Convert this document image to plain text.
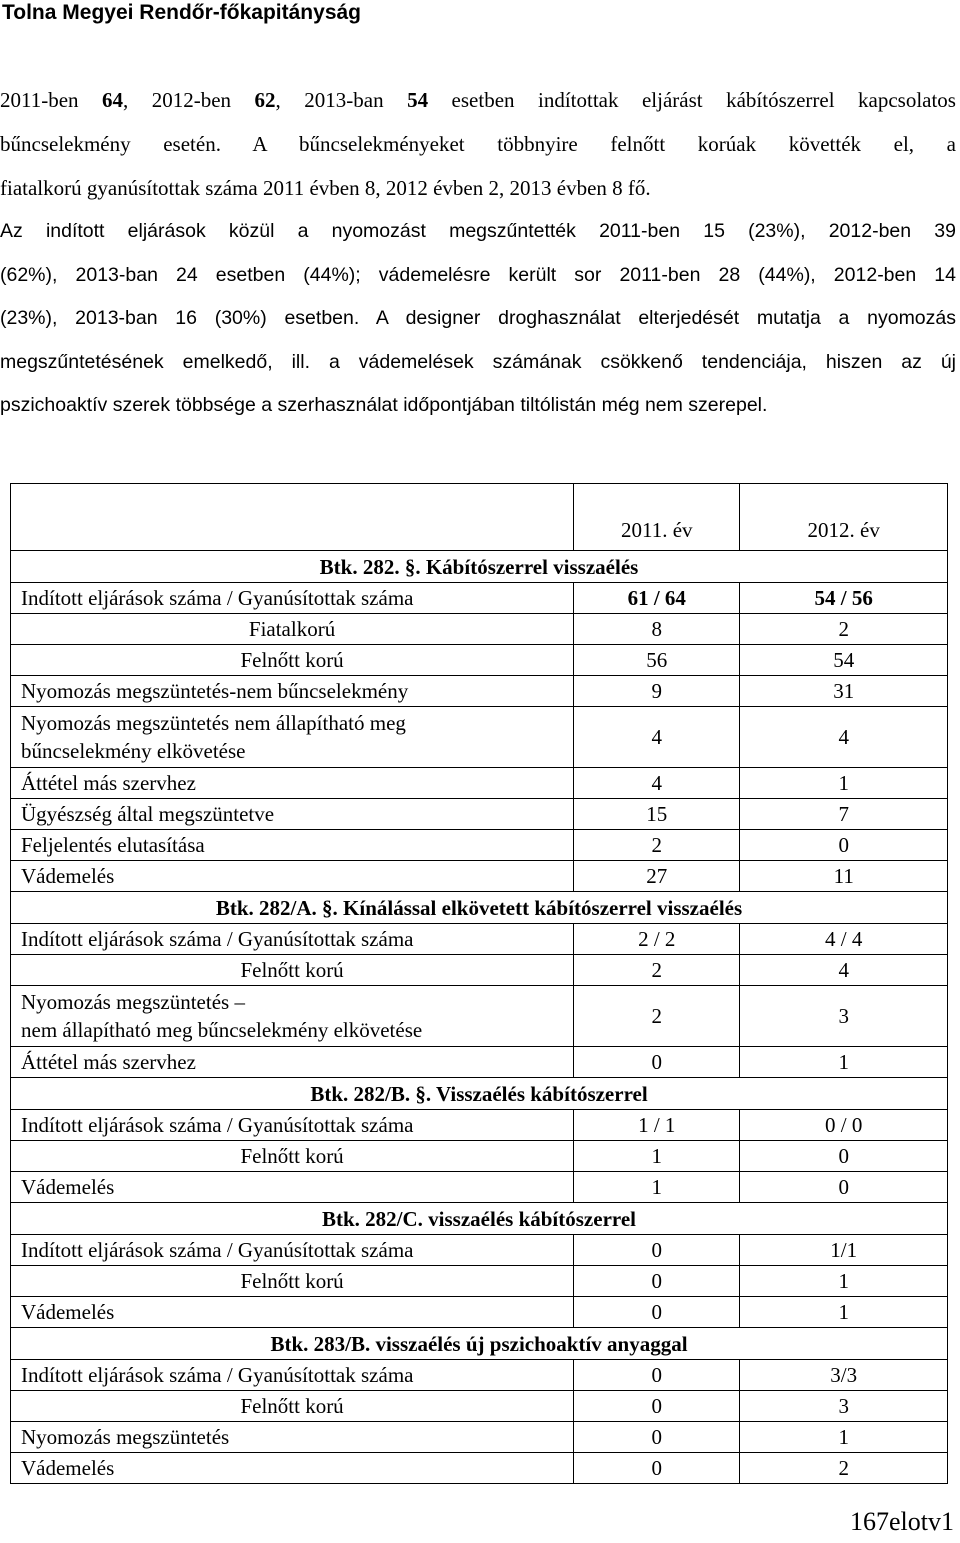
Tolna Megyei Rendőr-főkapitányság
2011-ben 64, 2012-ben 62, 2013-ban 54 esetben indítottak eljárást kábítószerrel kapcsolatos
bűncselekmény esetén. A bűncselekményeket többnyire felnőtt korúak követték el, a
fiatalkorú gyanúsítottak száma 2011 évben 8, 2012 évben 2, 2013 évben 8 fő.
Az indított eljárások közül a nyomozást megszűntették 2011-ben 15 (23%), 2012-ben 39
(62%), 2013-ban 24 esetben (44%); vádemelésre került sor 2011-ben 28 (44%), 2012-ben 14
(23%), 2013-ban 16 (30%) esetben. A designer droghasználat elterjedését mutatja a nyomozás
megszűntetésének emelkedő, ill. a vádemelések számának csökkenő tendenciája, hiszen az új
pszichoaktív szerek többsége a szerhasználat időpontjában tiltólistán még nem szerepel.
	2011. év	2012. év
Btk. 282. §. Kábítószerrel visszaélés		
Indított eljárások száma / Gyanúsítottak száma	61 / 64	54 / 56
Fiatalkorú	8	2
Felnőtt korú	56	54
Nyomozás megszüntetés-nem bűncselekmény	9	31
Nyomozás megszüntetés nem állapítható meg
bűncselekmény elkövetése	4	4
Áttétel más szervhez	4	1
Ügyészség által megszüntetve	15	7
Feljelentés elutasítása	2	0
Vádemelés	27	11
Btk. 282/A. §. Kínálással elkövetett kábítószerrel visszaélés		
Indított eljárások száma / Gyanúsítottak száma	2 / 2	4 / 4
Felnőtt korú	2	4
Nyomozás megszüntetés –
nem állapítható meg bűncselekmény elkövetése	2	3
Áttétel más szervhez	0	1
Btk. 282/B. §. Visszaélés kábítószerrel		
Indított eljárások száma / Gyanúsítottak száma	1 / 1	0 / 0
Felnőtt korú	1	0
Vádemelés	1	0
Btk. 282/C. visszaélés kábítószerrel		
Indított eljárások száma / Gyanúsítottak száma	0	1/1
Felnőtt korú	0	1
Vádemelés	0	1
Btk. 283/B. visszaélés új pszichoaktív anyaggal		
Indított eljárások száma / Gyanúsítottak száma	0	3/3
Felnőtt korú	0	3
Nyomozás megszüntetés	0	1
Vádemelés	0	2
167elotv1
